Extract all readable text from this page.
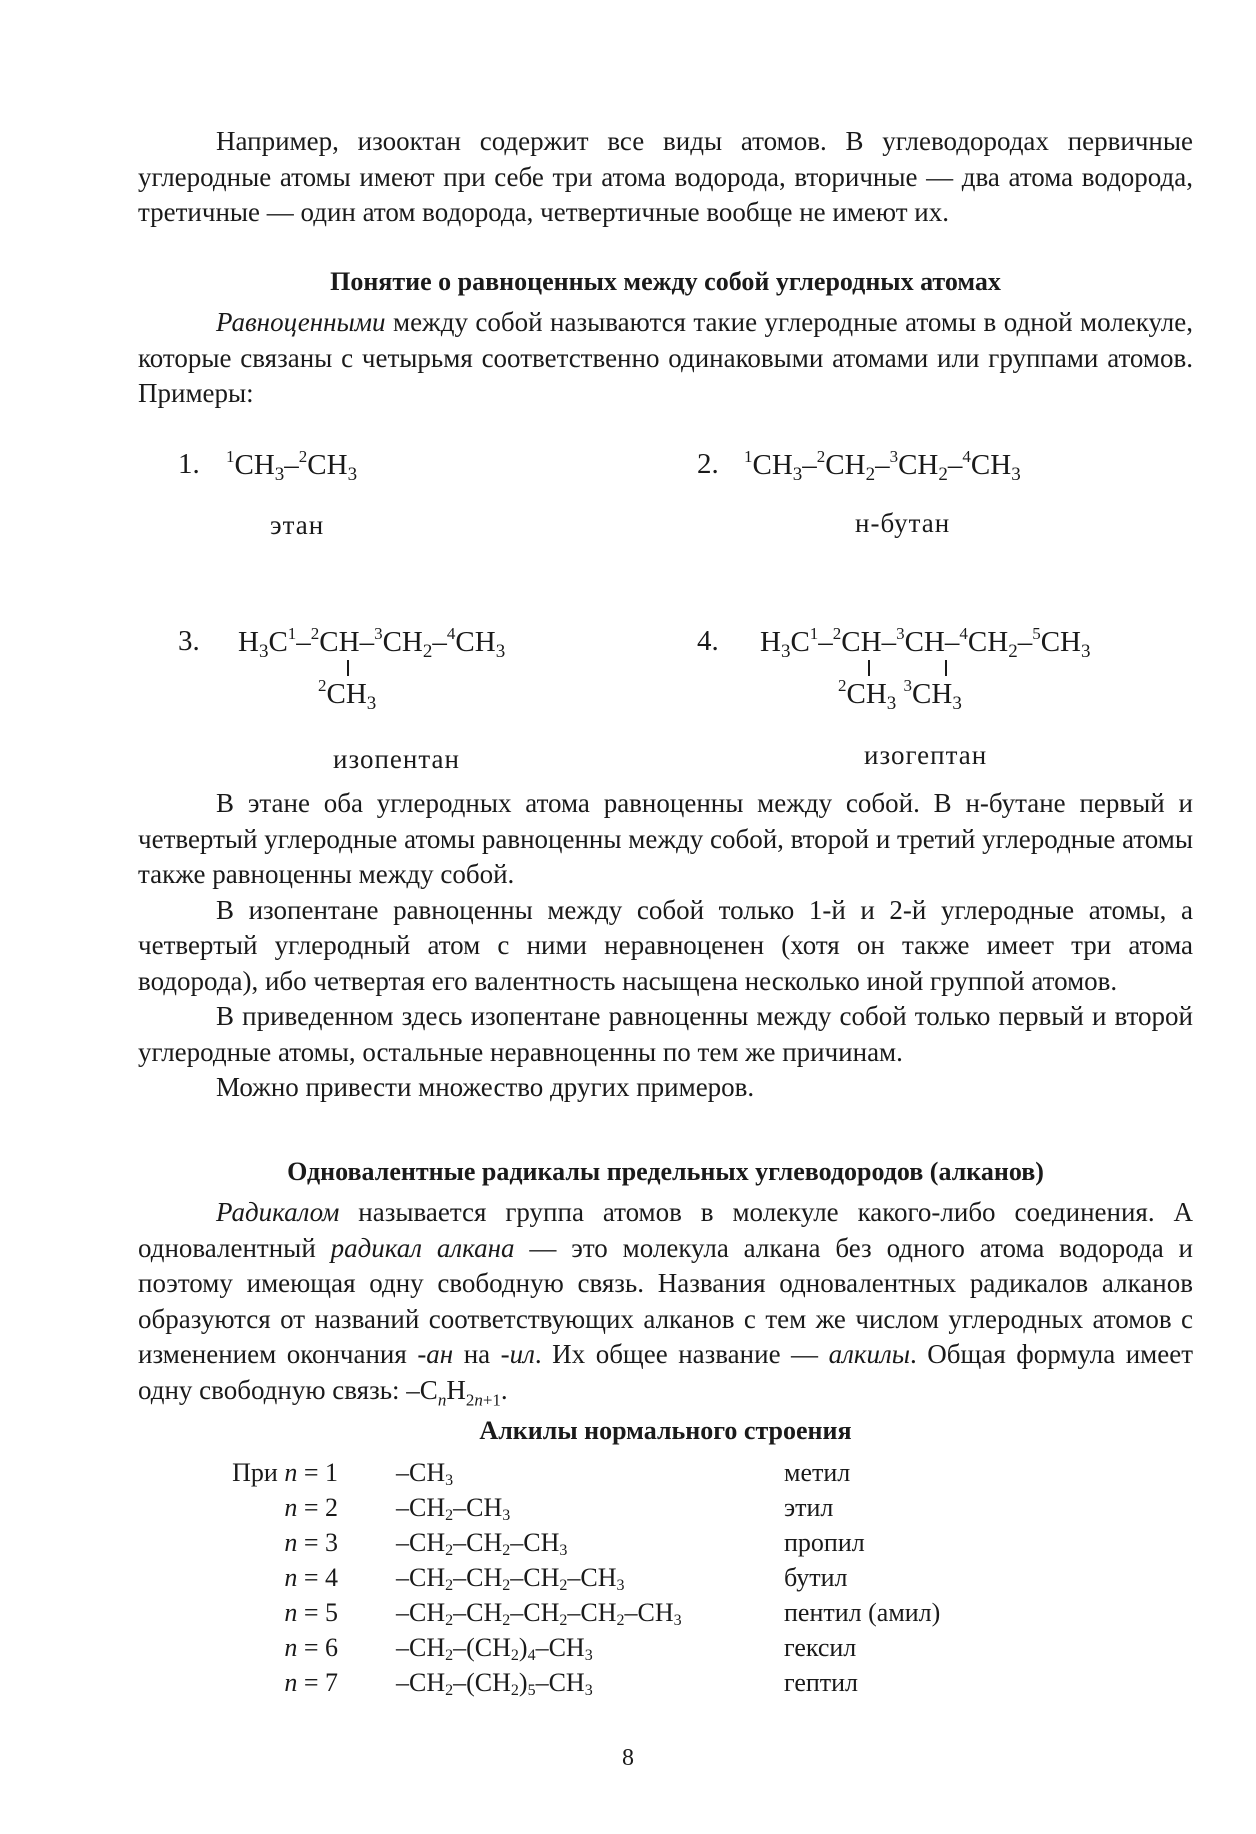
Например, изооктан содержит все виды атомов. В углеводородах первичные углеродные атомы имеют при себе три атома водорода, вторичные — два атома водорода, третичные — один атом водорода, четвертичные вообще не имеют их.

Понятие о равноценных между собой углеродных атомах

Равноценными между собой называются такие углеродные атомы в одной молекуле, которые связаны с четырьмя соответственно одинаковыми атомами или группами атомов. Примеры:

1. $^1CH_3-^2CH_3$
этан
2. $^1CH_3-^2CH_2-^3CH_2-^4CH_3$
н-бутан
3. $H_3C^1-^2CH-^3CH_2-^4CH_3$
$^2CH_3$
изопентан
4. $H_3C^1-^2CH-^3CH-^4CH_2-^5CH_3$
$^2CH_3$ $^3CH_3$
изогептан

В этане оба углеродных атома равноценны между собой. В н-бутане первый и четвертый углеродные атомы равноценны между собой, второй и третий углеродные атомы также равноценны между собой.

В изопентане равноценны между собой только 1-й и 2-й углеродные атомы, а четвертый углеродный атом с ними неравноценен (хотя он также имеет три атома водорода), ибо четвертая его валентность насыщена несколько иной группой атомов.

В приведенном здесь изопентане равноценны между собой только первый и второй углеродные атомы, остальные неравноценны по тем же причинам.

Можно привести множество других примеров.

Одновалентные радикалы предельных углеводородов (алканов)

Радикалом называется группа атомов в молекуле какого-либо соединения. А одновалентный радикал алкана — это молекула алкана без одного атома водорода и поэтому имеющая одну свободную связь. Названия одновалентных радикалов алканов образуются от названий соответствующих алканов с тем же числом углеродных атомов с изменением окончания -ан на -ил. Их общее название — алкилы. Общая формула имеет одну свободную связь: $-C_nH_{2n+1}$.

Алкилы нормального строения
При n = 1	$-CH_3$	метил
n = 2	$-CH_2-CH_3$	этил
n = 3	$-CH_2-CH_2-CH_3$	пропил
n = 4	$-CH_2-CH_2-CH_2-CH_3$	бутил
n = 5	$-CH_2-CH_2-CH_2-CH_2-CH_3$	пентил (амил)
n = 6	$-CH_2-(CH_2)_4-CH_3$	гексил
n = 7	$-CH_2-(CH_2)_5-CH_3$	гептил
8
